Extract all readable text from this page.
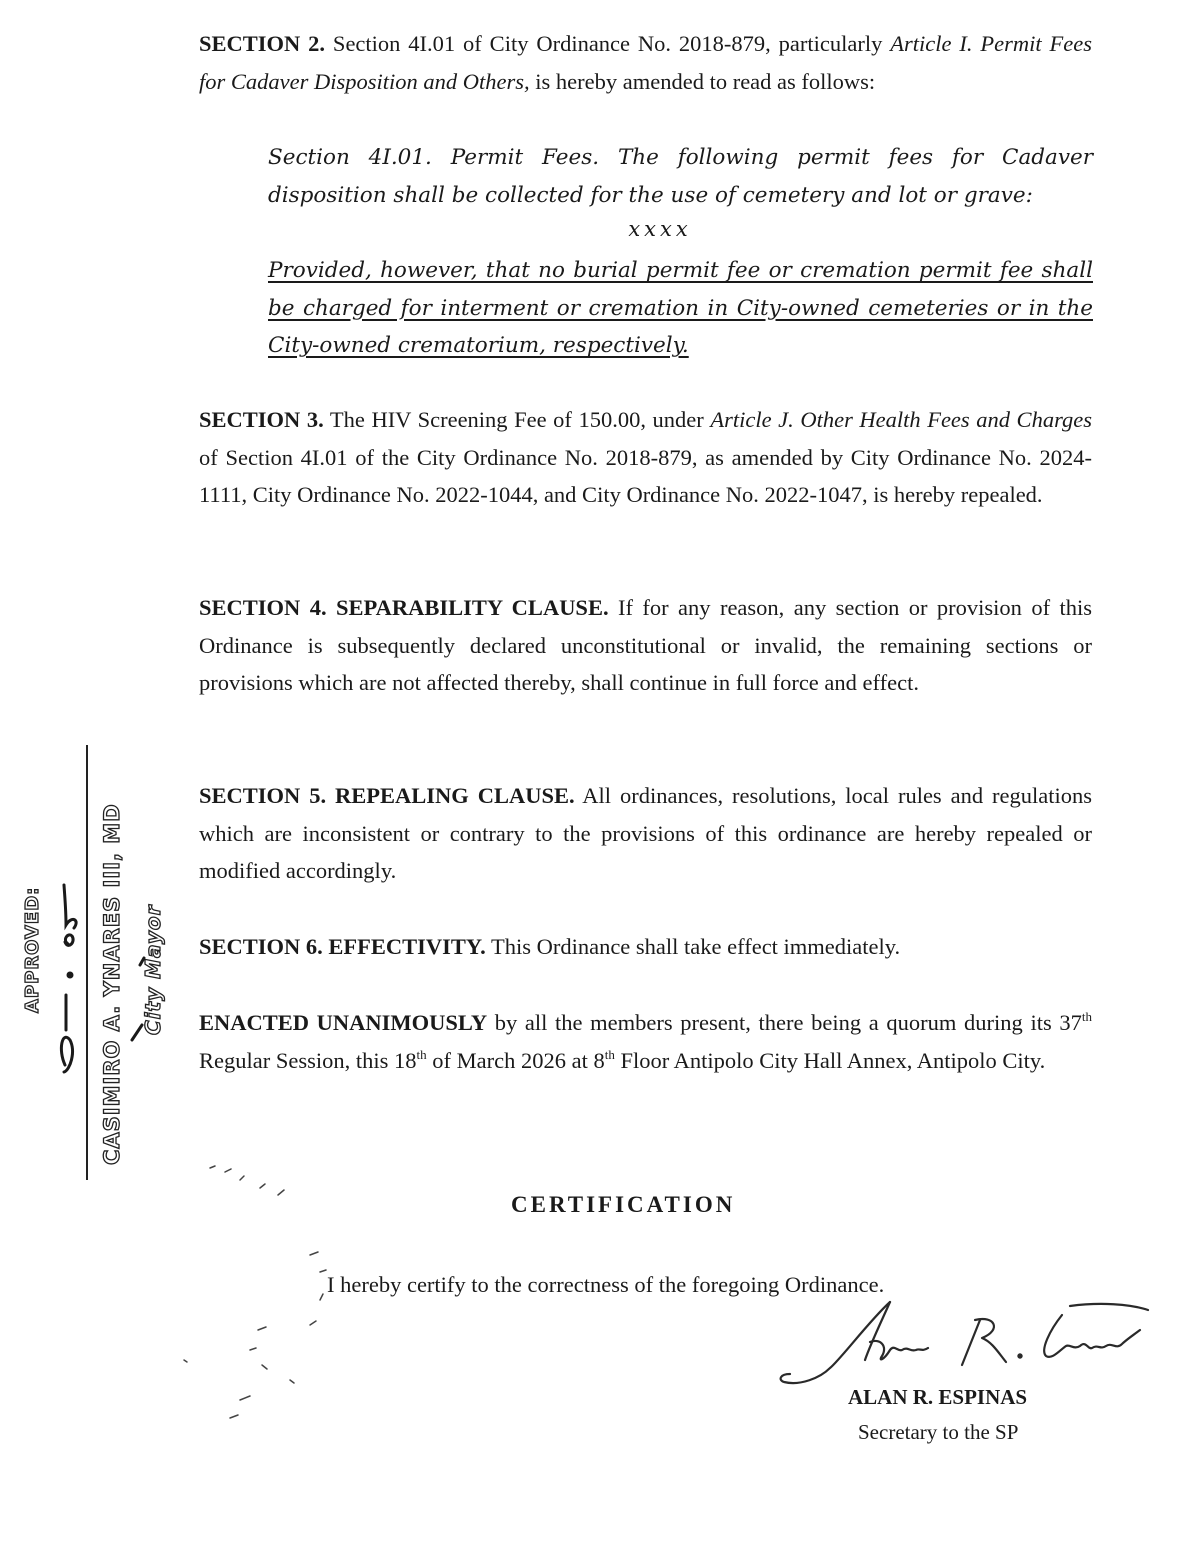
SECTION 2. Section 4I.01 of City Ordinance No. 2018-879, particularly Article I. Permit Fees for Cadaver Disposition and Others, is hereby amended to read as follows:

Section 4I.01. Permit Fees. The following permit fees for Cadaver disposition shall be collected for the use of cemetery and lot or grave:

xxxx

Provided, however, that no burial permit fee or cremation permit fee shall be charged for interment or cremation in City-owned cemeteries or in the City-owned crematorium, respectively.

SECTION 3. The HIV Screening Fee of 150.00, under Article J. Other Health Fees and Charges of Section 4I.01 of the City Ordinance No. 2018-879, as amended by City Ordinance No. 2024-1111, City Ordinance No. 2022-1044, and City Ordinance No. 2022-1047, is hereby repealed.

SECTION 4. SEPARABILITY CLAUSE. If for any reason, any section or provision of this Ordinance is subsequently declared unconstitutional or invalid, the remaining sections or provisions which are not affected thereby, shall continue in full force and effect.

SECTION 5. REPEALING CLAUSE. All ordinances, resolutions, local rules and regulations which are inconsistent or contrary to the provisions of this ordinance are hereby repealed or modified accordingly.

SECTION 6. EFFECTIVITY. This Ordinance shall take effect immediately.

ENACTED UNANIMOUSLY by all the members present, there being a quorum during its 37th Regular Session, this 18th of March 2026 at 8th Floor Antipolo City Hall Annex, Antipolo City.

CERTIFICATION

I hereby certify to the correctness of the foregoing Ordinance.

ALAN R. ESPINAS
Secretary to the SP
APPROVED:	CASIMIRO A. YNARES III, MD City Mayor
